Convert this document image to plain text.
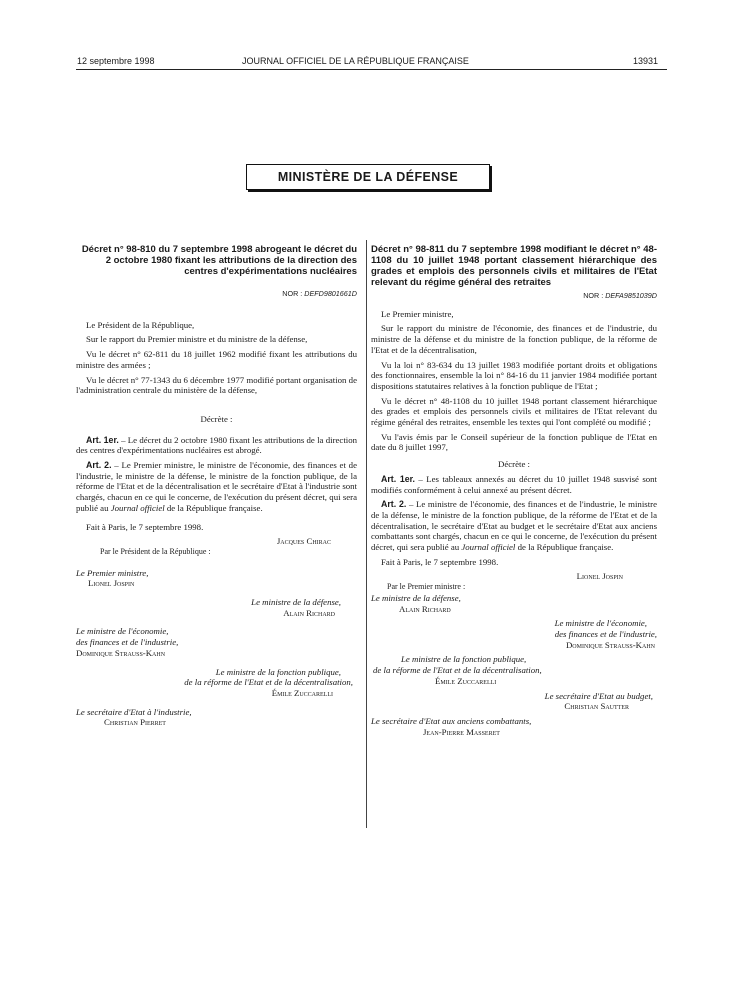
12 septembre 1998	JOURNAL OFFICIEL DE LA RÉPUBLIQUE FRANÇAISE	13931
MINISTÈRE DE LA DÉFENSE
Décret n° 98-810 du 7 septembre 1998 abrogeant le décret du 2 octobre 1980 fixant les attributions de la direction des centres d'expérimentations nucléaires
NOR : DEFD9801661D

Le Président de la République,

Sur le rapport du Premier ministre et du ministre de la défense,

Vu le décret n° 62-811 du 18 juillet 1962 modifié fixant les attributions du ministre des armées ;

Vu le décret n° 77-1343 du 6 décembre 1977 modifié portant organisation de l'administration centrale du ministère de la défense,

Décrète :

Art. 1er. – Le décret du 2 octobre 1980 fixant les attributions de la direction des centres d'expérimentations nucléaires est abrogé.

Art. 2. – Le Premier ministre, le ministre de l'économie, des finances et de l'industrie, le ministre de la défense, le ministre de la fonction publique, de la réforme de l'Etat et de la décentralisation et le secrétaire d'Etat à l'industrie sont chargés, chacun en ce qui le concerne, de l'exécution du présent décret, qui sera publié au Journal officiel de la République française.

Fait à Paris, le 7 septembre 1998.

Jacques Chirac
Par le Président de la République :
Le Premier ministre,
Lionel Jospin
Le ministre de la défense,
Alain Richard
Le ministre de l'économie,
des finances et de l'industrie,
Dominique Strauss-Kahn
Le ministre de la fonction publique,
de la réforme de l'Etat et de la décentralisation,
Émile Zuccarelli
Le secrétaire d'Etat à l'industrie,
Christian Pierret
Décret n° 98-811 du 7 septembre 1998 modifiant le décret n° 48-1108 du 10 juillet 1948 portant classement hiérarchique des grades et emplois des personnels civils et militaires de l'Etat relevant du régime général des retraites
NOR : DEFA9851039D

Le Premier ministre,

Sur le rapport du ministre de l'économie, des finances et de l'industrie, du ministre de la défense et du ministre de la fonction publique, de la réforme de l'Etat et de la décentralisation,

Vu la loi n° 83-634 du 13 juillet 1983 modifiée portant droits et obligations des fonctionnaires, ensemble la loi n° 84-16 du 11 janvier 1984 modifiée portant dispositions statutaires relatives à la fonction publique de l'Etat ;

Vu le décret n° 48-1108 du 10 juillet 1948 portant classement hiérarchique des grades et emplois des personnels civils et militaires de l'Etat relevant du régime général des retraites, ensemble les textes qui l'ont complété ou modifié ;

Vu l'avis émis par le Conseil supérieur de la fonction publique de l'Etat en date du 8 juillet 1997,

Décrète :

Art. 1er. – Les tableaux annexés au décret du 10 juillet 1948 susvisé sont modifiés conformément à celui annexé au présent décret.

Art. 2. – Le ministre de l'économie, des finances et de l'industrie, le ministre de la défense, le ministre de la fonction publique, de la réforme de l'Etat et de la décentralisation, le secrétaire d'Etat au budget et le secrétaire d'Etat aux anciens combattants sont chargés, chacun en ce qui le concerne, de l'exécution du présent décret, qui sera publié au Journal officiel de la République française.

Fait à Paris, le 7 septembre 1998.

Lionel Jospin
Par le Premier ministre :
Le ministre de la défense,
Alain Richard
Le ministre de l'économie,
des finances et de l'industrie,
Dominique Strauss-Kahn
Le ministre de la fonction publique,
de la réforme de l'Etat et de la décentralisation,
Émile Zuccarelli
Le secrétaire d'Etat au budget,
Christian Sautter
Le secrétaire d'Etat aux anciens combattants,
Jean-Pierre Masseret
